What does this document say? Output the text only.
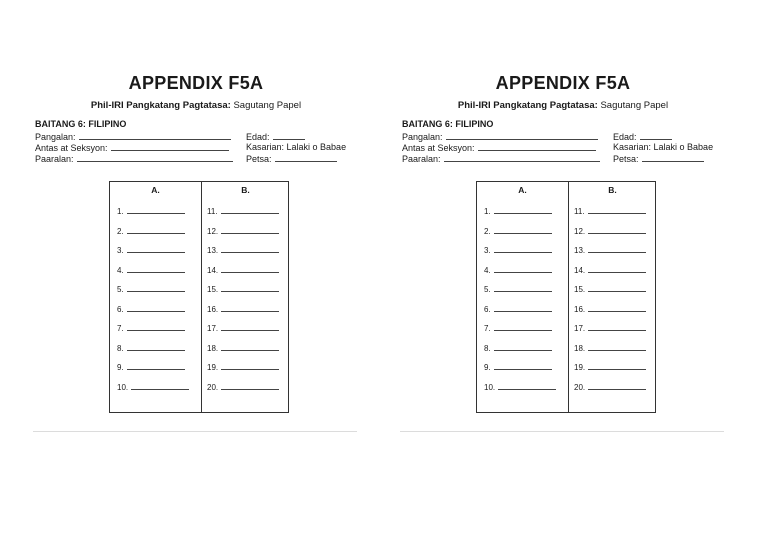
APPENDIX F5A

Phil-IRI Pangkatang Pagtatasa: Sagutang Papel

BAITANG 6: FILIPINO

Pangalan:
Antas at Seksyon:
Paaralan:
Edad:
Kasarian: Lalaki o Babae
Petsa:
A.	B.
1.
2.
3.
4.
5.
6.
7.
8.
9.
10.
11.
12.
13.
14.
15.
16.
17.
18.
19.
20.
APPENDIX F5A

Phil-IRI Pangkatang Pagtatasa: Sagutang Papel

BAITANG 6: FILIPINO

Pangalan:
Antas at Seksyon:
Paaralan:
Edad:
Kasarian: Lalaki o Babae
Petsa:
A.	B.
1.
2.
3.
4.
5.
6.
7.
8.
9.
10.
11.
12.
13.
14.
15.
16.
17.
18.
19.
20.
